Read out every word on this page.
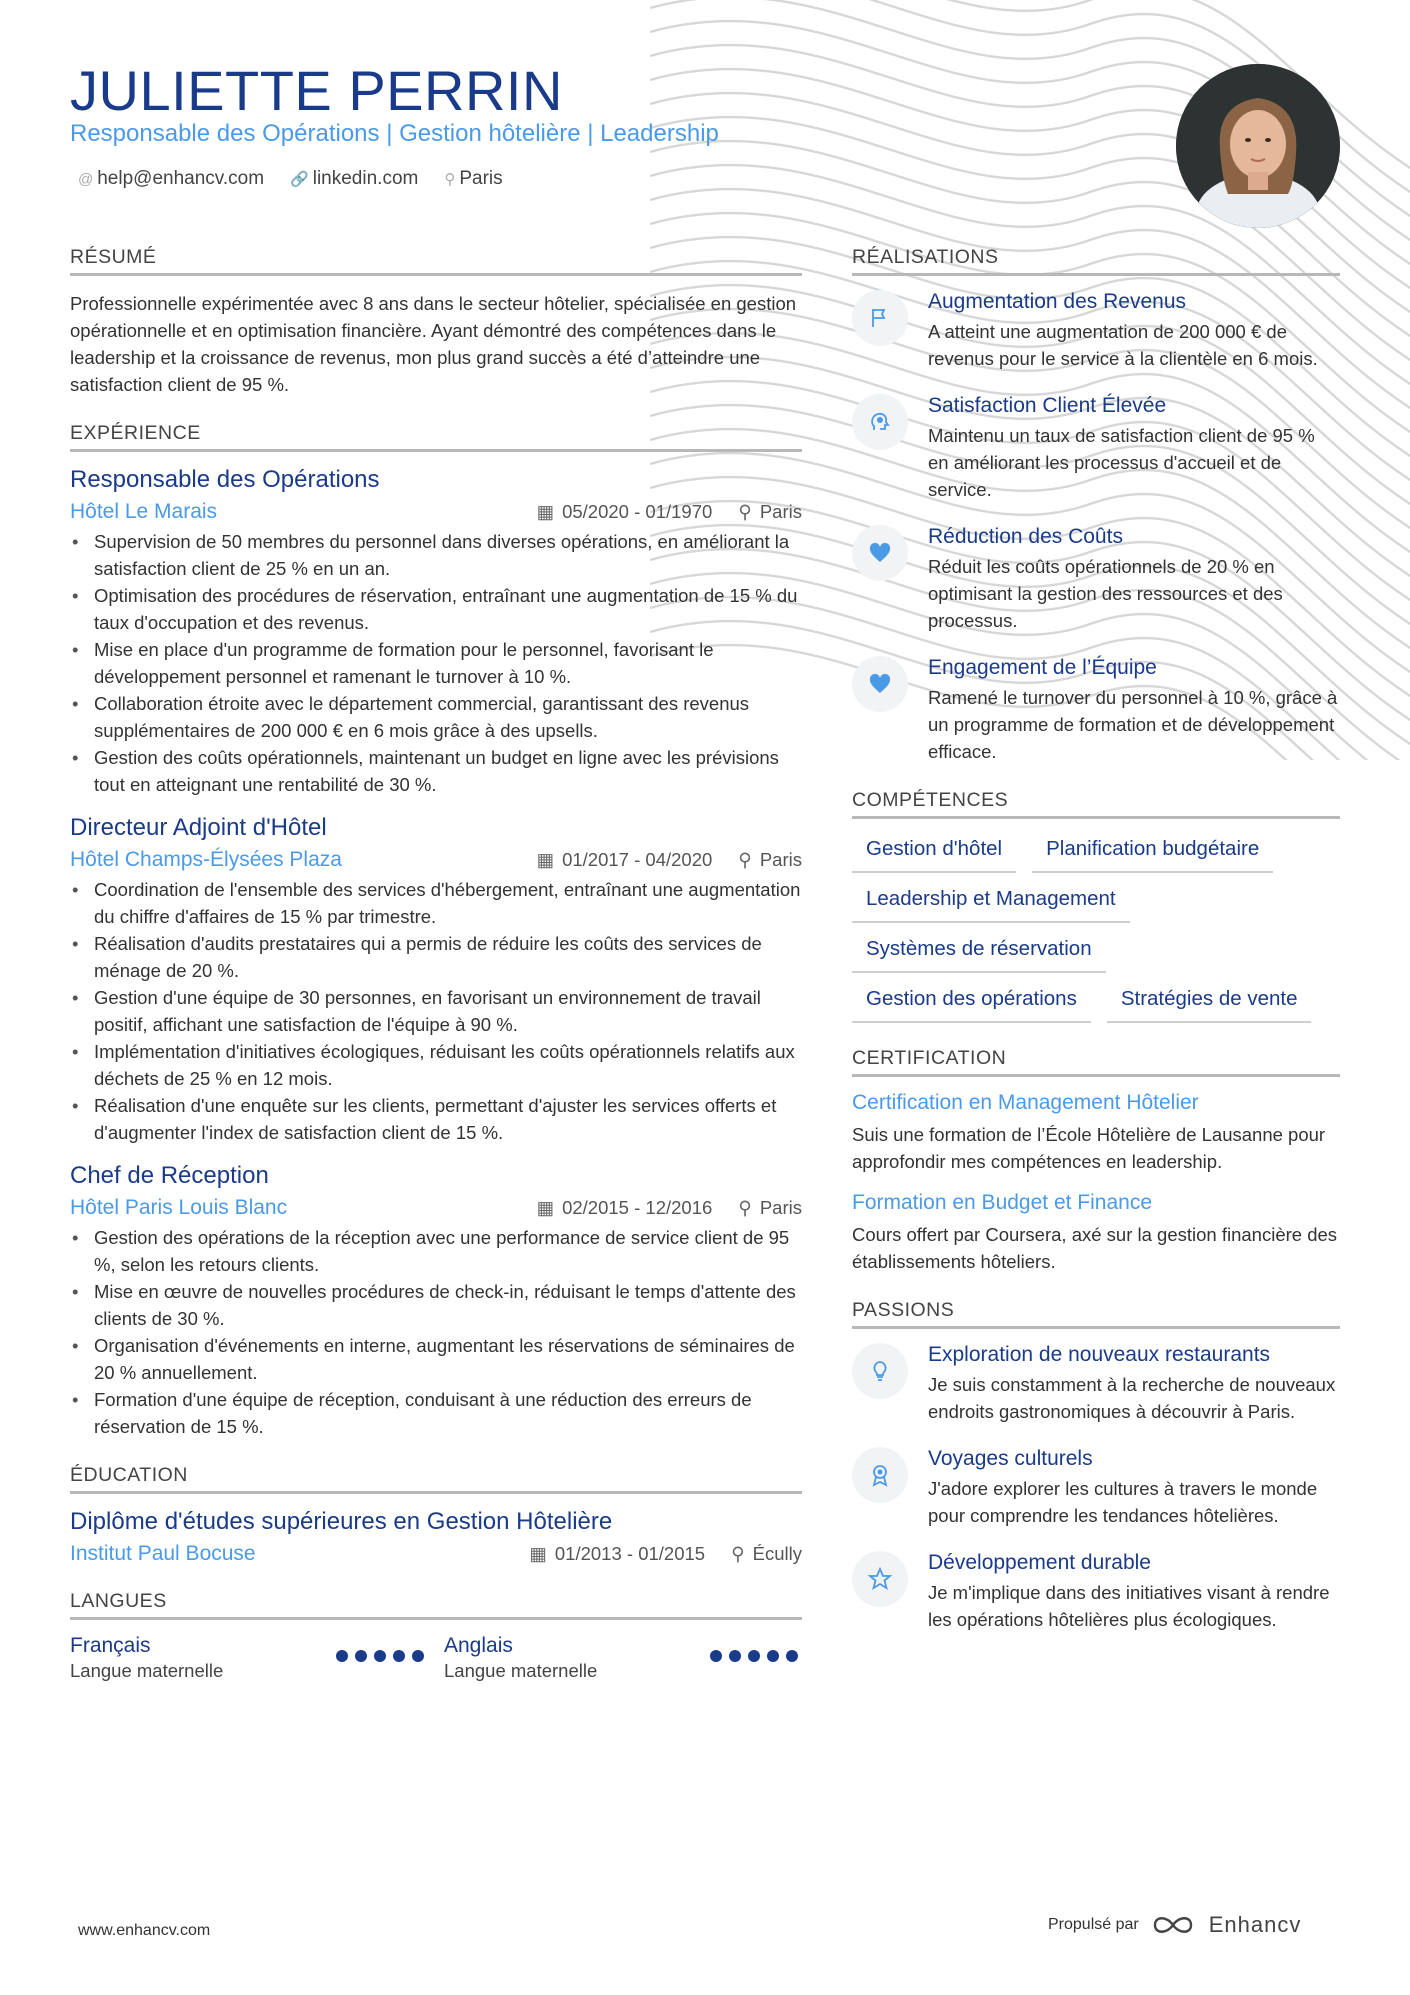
JULIETTE PERRIN
Responsable des Opérations | Gestion hôtelière | Leadership
@ help@enhancv.com 🔗 linkedin.com ⚲ Paris
RÉSUMÉ
Professionnelle expérimentée avec 8 ans dans le secteur hôtelier, spécialisée en gestion opérationnelle et en optimisation financière. Ayant démontré des compétences dans le leadership et la croissance de revenus, mon plus grand succès a été d’atteindre une satisfaction client de 95 %.
EXPÉRIENCE
Responsable des Opérations
Hôtel Le Marais	▦ 05/2020 - 01/1970 ⚲ Paris
• Supervision de 50 membres du personnel dans diverses opérations, en améliorant la satisfaction client de 25 % en un an.
• Optimisation des procédures de réservation, entraînant une augmentation de 15 % du taux d'occupation et des revenus.
• Mise en place d'un programme de formation pour le personnel, favorisant le développement personnel et ramenant le turnover à 10 %.
• Collaboration étroite avec le département commercial, garantissant des revenus supplémentaires de 200 000 € en 6 mois grâce à des upsells.
• Gestion des coûts opérationnels, maintenant un budget en ligne avec les prévisions tout en atteignant une rentabilité de 30 %.
Directeur Adjoint d'Hôtel
Hôtel Champs-Élysées Plaza	▦ 01/2017 - 04/2020 ⚲ Paris
• Coordination de l'ensemble des services d'hébergement, entraînant une augmentation du chiffre d'affaires de 15 % par trimestre.
• Réalisation d'audits prestataires qui a permis de réduire les coûts des services de ménage de 20 %.
• Gestion d'une équipe de 30 personnes, en favorisant un environnement de travail positif, affichant une satisfaction de l'équipe à 90 %.
• Implémentation d'initiatives écologiques, réduisant les coûts opérationnels relatifs aux déchets de 25 % en 12 mois.
• Réalisation d'une enquête sur les clients, permettant d'ajuster les services offerts et d'augmenter l'index de satisfaction client de 15 %.
Chef de Réception
Hôtel Paris Louis Blanc	▦ 02/2015 - 12/2016 ⚲ Paris
• Gestion des opérations de la réception avec une performance de service client de 95 %, selon les retours clients.
• Mise en œuvre de nouvelles procédures de check-in, réduisant le temps d'attente des clients de 30 %.
• Organisation d'événements en interne, augmentant les réservations de séminaires de 20 % annuellement.
• Formation d'une équipe de réception, conduisant à une réduction des erreurs de réservation de 15 %.
ÉDUCATION
Diplôme d'études supérieures en Gestion Hôtelière
Institut Paul Bocuse	▦ 01/2013 - 01/2015 ⚲ Écully
LANGUES
Français
Langue maternelle
Anglais
Langue maternelle
RÉALISATIONS
Augmentation des Revenus
A atteint une augmentation de 200 000 € de revenus pour le service à la clientèle en 6 mois.
Satisfaction Client Élevée
Maintenu un taux de satisfaction client de 95 % en améliorant les processus d'accueil et de service.
Réduction des Coûts
Réduit les coûts opérationnels de 20 % en optimisant la gestion des ressources et des processus.
Engagement de l’Équipe
Ramené le turnover du personnel à 10 %, grâce à un programme de formation et de développement efficace.
COMPÉTENCES
Gestion d'hôtel	Planification budgétaire
Leadership et Management
Systèmes de réservation
Gestion des opérations	Stratégies de vente
CERTIFICATION
Certification en Management Hôtelier
Suis une formation de l’École Hôtelière de Lausanne pour approfondir mes compétences en leadership.
Formation en Budget et Finance
Cours offert par Coursera, axé sur la gestion financière des établissements hôteliers.
PASSIONS
Exploration de nouveaux restaurants
Je suis constamment à la recherche de nouveaux endroits gastronomiques à découvrir à Paris.
Voyages culturels
J'adore explorer les cultures à travers le monde pour comprendre les tendances hôtelières.
Développement durable
Je m'implique dans des initiatives visant à rendre les opérations hôtelières plus écologiques.
www.enhancv.com	Propulsé par	Enhancv
